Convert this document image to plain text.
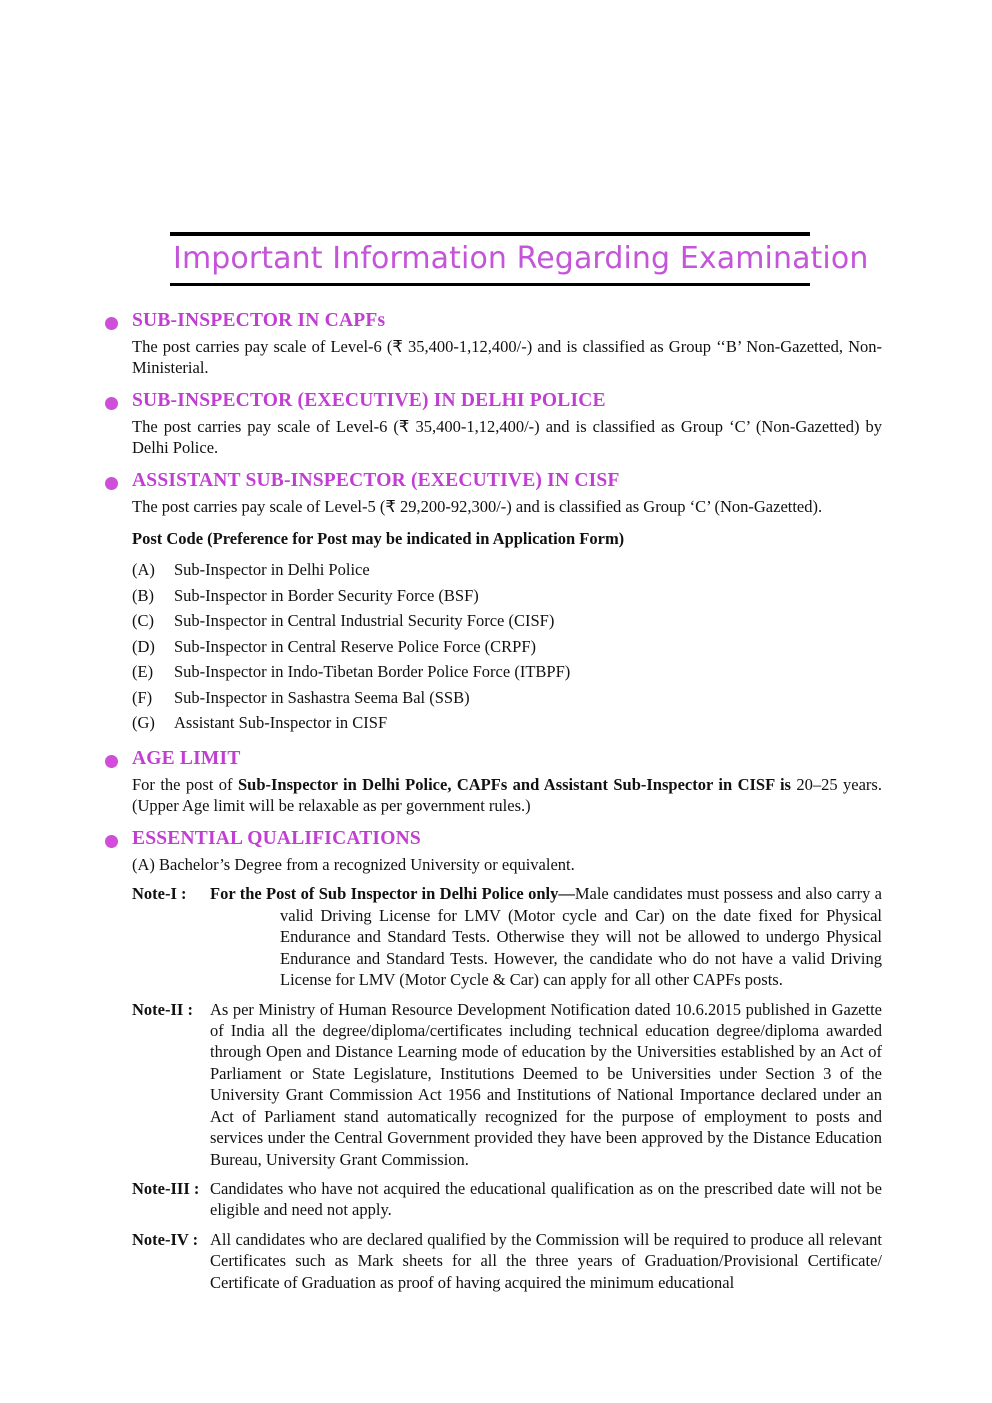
Important Information Regarding Examination
SUB-INSPECTOR IN CAPFs
The post carries pay scale of Level-6 (₹ 35,400-1,12,400/-) and is classified as Group ‘‘B’ Non-Gazetted, Non-Ministerial.
SUB-INSPECTOR (EXECUTIVE) IN DELHI POLICE
The post carries pay scale of Level-6 (₹ 35,400-1,12,400/-) and is classified as Group ‘C’ (Non-Gazetted) by Delhi Police.
ASSISTANT SUB-INSPECTOR (EXECUTIVE) IN CISF
The post carries pay scale of Level-5 (₹ 29,200-92,300/-) and is classified as Group ‘C’ (Non-Gazetted).
Post Code (Preference for Post may be indicated in Application Form)
(A)	Sub-Inspector in Delhi Police
(B)	Sub-Inspector in Border Security Force (BSF)
(C)	Sub-Inspector in Central Industrial Security Force (CISF)
(D)	Sub-Inspector in Central Reserve Police Force (CRPF)
(E)	Sub-Inspector in Indo-Tibetan Border Police Force (ITBPF)
(F)	Sub-Inspector in Sashastra Seema Bal (SSB)
(G)	Assistant Sub-Inspector in CISF
AGE LIMIT
For the post of Sub-Inspector in Delhi Police, CAPFs and Assistant Sub-Inspector in CISF is 20–25 years. (Upper Age limit will be relaxable as per government rules.)
ESSENTIAL QUALIFICATIONS
(A) Bachelor’s Degree from a recognized University or equivalent.
Note-I :	For the Post of Sub Inspector in Delhi Police only—Male candidates must possess and also carry a valid Driving License for LMV (Motor cycle and Car) on the date fixed for Physical Endurance and Standard Tests. Otherwise they will not be allowed to undergo Physical Endurance and Standard Tests. However, the candidate who do not have a valid Driving License for LMV (Motor Cycle & Car) can apply for all other CAPFs posts.
Note-II :	As per Ministry of Human Resource Development Notification dated 10.6.2015 published in Gazette of India all the degree/diploma/certificates including technical education degree/diploma awarded through Open and Distance Learning mode of education by the Universities established by an Act of Parliament or State Legislature, Institutions Deemed to be Universities under Section 3 of the University Grant Commission Act 1956 and Institutions of National Importance declared under an Act of Parliament stand automatically recognized for the purpose of employment to posts and services under the Central Government provided they have been approved by the Distance Education Bureau, University Grant Commission.
Note-III : Candidates who have not acquired the educational qualification as on the prescribed date will not be eligible and need not apply.
Note-IV : All candidates who are declared qualified by the Commission will be required to produce all relevant Certificates such as Mark sheets for all the three years of Graduation/Provisional Certificate/ Certificate of Graduation as proof of having acquired the minimum educational
